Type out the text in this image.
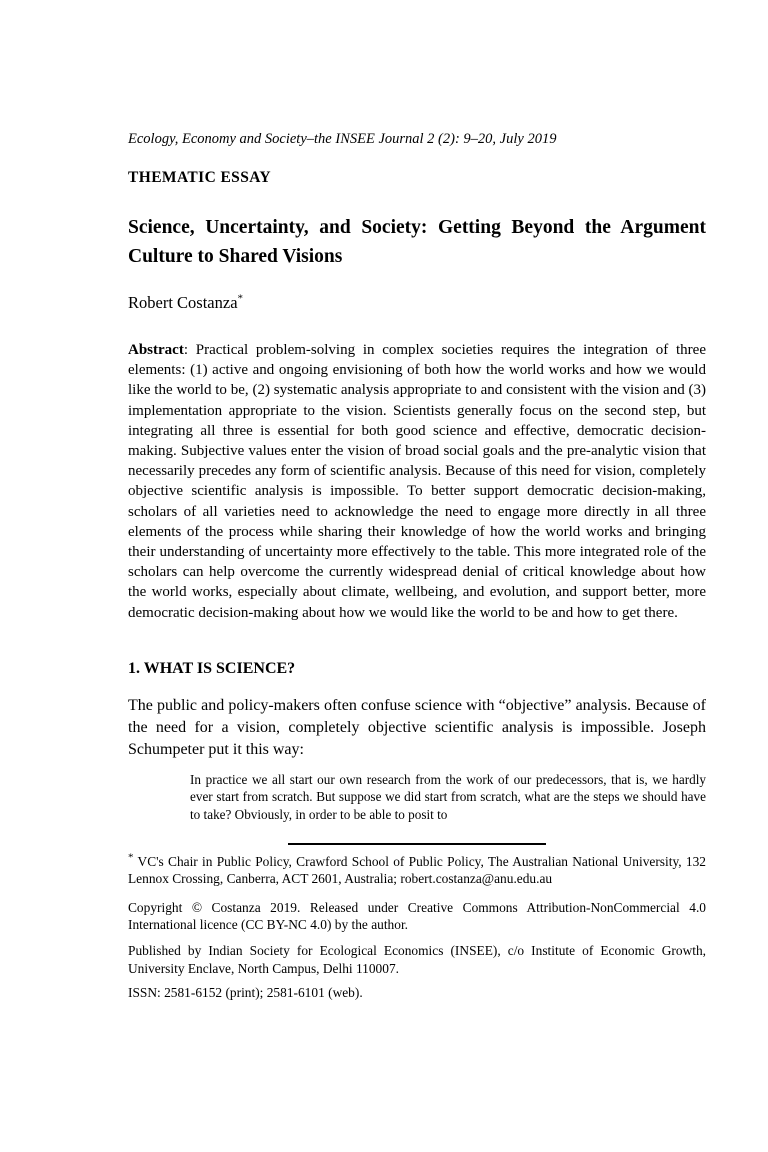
Ecology, Economy and Society–the INSEE Journal 2 (2): 9–20, July 2019
THEMATIC ESSAY
Science, Uncertainty, and Society: Getting Beyond the Argument Culture to Shared Visions
Robert Costanza*
Abstract: Practical problem-solving in complex societies requires the integration of three elements: (1) active and ongoing envisioning of both how the world works and how we would like the world to be, (2) systematic analysis appropriate to and consistent with the vision and (3) implementation appropriate to the vision. Scientists generally focus on the second step, but integrating all three is essential for both good science and effective, democratic decision-making. Subjective values enter the vision of broad social goals and the pre-analytic vision that necessarily precedes any form of scientific analysis. Because of this need for vision, completely objective scientific analysis is impossible. To better support democratic decision-making, scholars of all varieties need to acknowledge the need to engage more directly in all three elements of the process while sharing their knowledge of how the world works and bringing their understanding of uncertainty more effectively to the table. This more integrated role of the scholars can help overcome the currently widespread denial of critical knowledge about how the world works, especially about climate, wellbeing, and evolution, and support better, more democratic decision-making about how we would like the world to be and how to get there.
1. WHAT IS SCIENCE?
The public and policy-makers often confuse science with “objective” analysis. Because of the need for a vision, completely objective scientific analysis is impossible. Joseph Schumpeter put it this way:
In practice we all start our own research from the work of our predecessors, that is, we hardly ever start from scratch. But suppose we did start from scratch, what are the steps we should have to take? Obviously, in order to be able to posit to
* VC's Chair in Public Policy, Crawford School of Public Policy, The Australian National University, 132 Lennox Crossing, Canberra, ACT 2601, Australia; robert.costanza@anu.edu.au
Copyright © Costanza 2019. Released under Creative Commons Attribution-NonCommercial 4.0 International licence (CC BY-NC 4.0) by the author.
Published by Indian Society for Ecological Economics (INSEE), c/o Institute of Economic Growth, University Enclave, North Campus, Delhi 110007.
ISSN: 2581-6152 (print); 2581-6101 (web).
